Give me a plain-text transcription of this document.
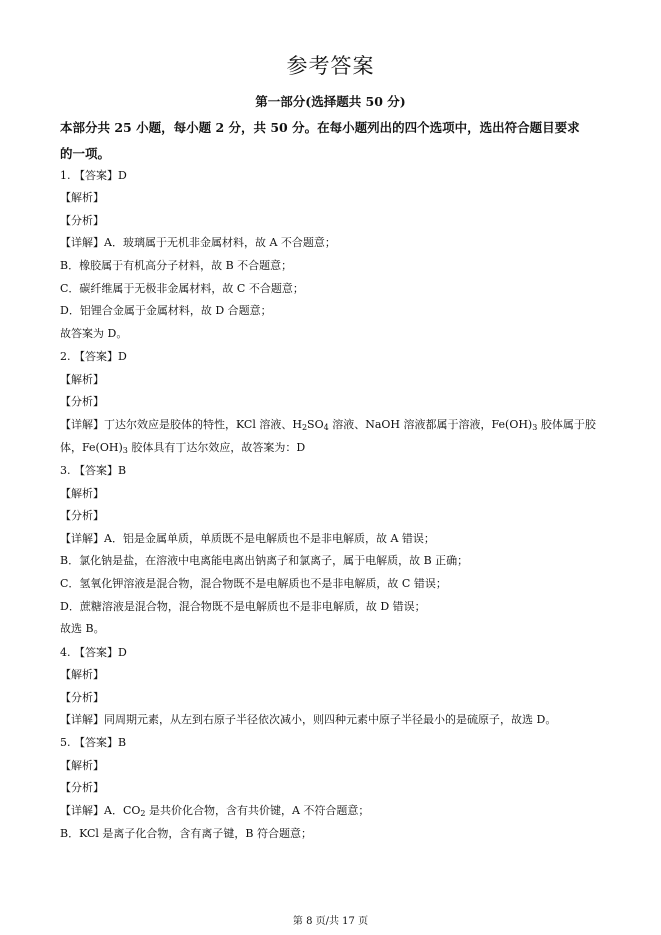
参考答案
第一部分(选择题共 50 分)
本部分共 25 小题，每小题 2 分，共 50 分。在每小题列出的四个选项中，选出符合题目要求
的一项。
1. 【答案】D
【解析】
【分析】
【详解】A．玻璃属于无机非金属材料，故 A 不合题意；
B．橡胶属于有机高分子材料，故 B 不合题意；
C．碳纤维属于无极非金属材料，故 C 不合题意；
D．铝锂合金属于金属材料，故 D 合题意；
故答案为 D。
2. 【答案】D
【解析】
【分析】
【详解】丁达尔效应是胶体的特性，KCl 溶液、$H_2SO_4$ 溶液、NaOH 溶液都属于溶液，$Fe(OH)_3$ 胶体属于胶
体，$Fe(OH)_3$ 胶体具有丁达尔效应，故答案为：D
3. 【答案】B
【解析】
【分析】
【详解】A．铝是金属单质，单质既不是电解质也不是非电解质，故 A 错误；
B．氯化钠是盐，在溶液中电离能电离出钠离子和氯离子，属于电解质，故 B 正确；
C．氢氧化钾溶液是混合物，混合物既不是电解质也不是非电解质，故 C 错误；
D．蔗糖溶液是混合物，混合物既不是电解质也不是非电解质，故 D 错误；
故选 B。
4. 【答案】D
【解析】
【分析】
【详解】同周期元素，从左到右原子半径依次减小，则四种元素中原子半径最小的是硫原子，故选 D。
5. 【答案】B
【解析】
【分析】
【详解】A．$CO_2$ 是共价化合物，含有共价键，A 不符合题意；
B．KCl 是离子化合物，含有离子键，B 符合题意；
第 8 页/共 17 页
